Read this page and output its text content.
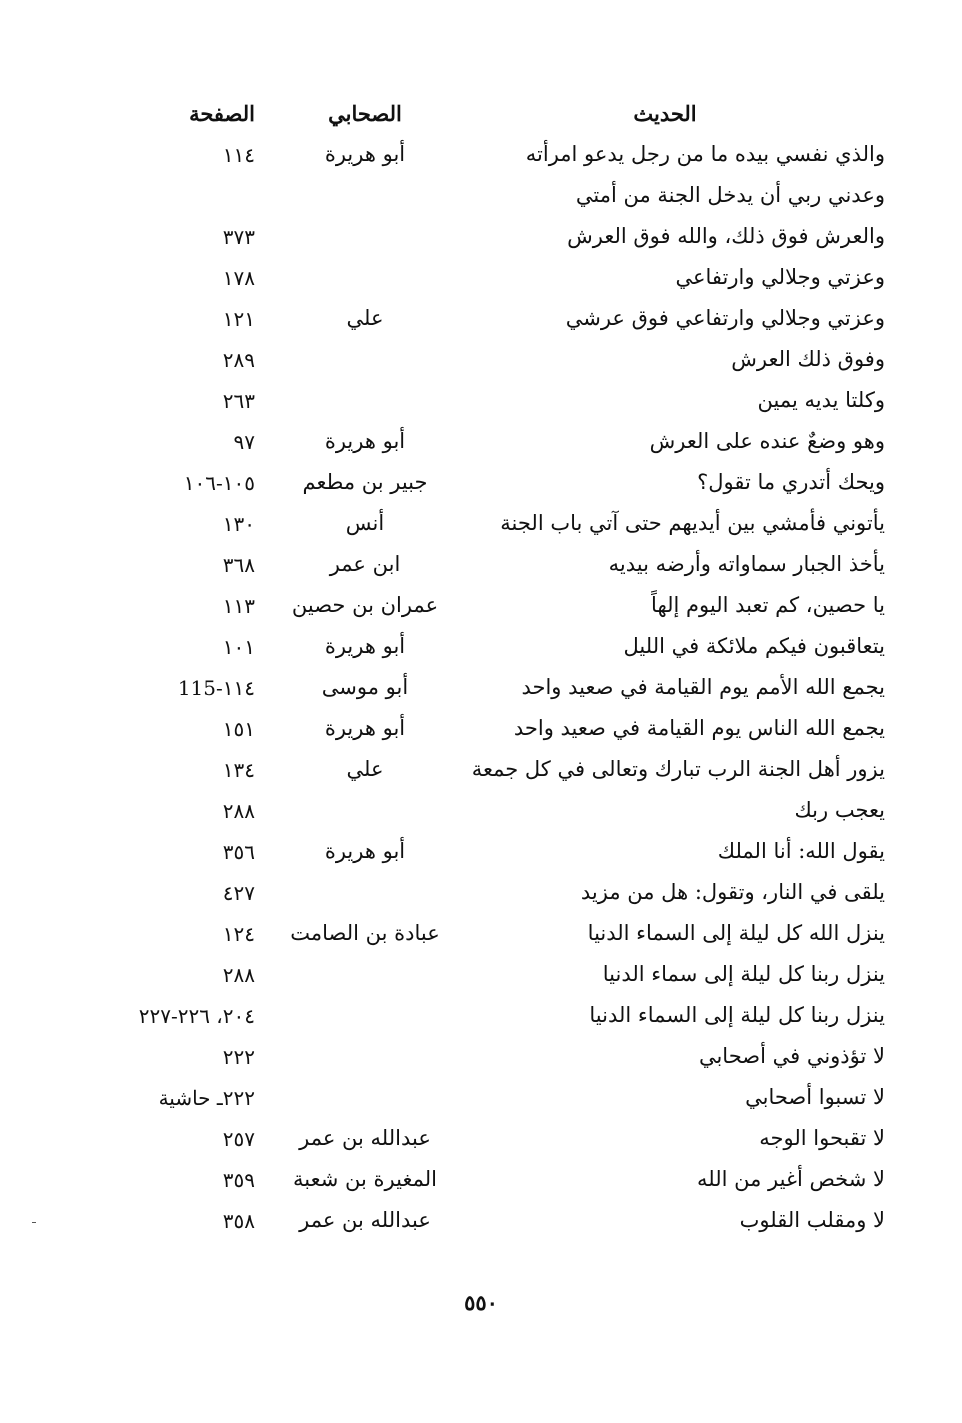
الحديث
الصحابي
الصفحة
والذي نفسي بيده ما من رجل يدعو امرأته
أبو هريرة
١١٤
وعدني ربي أن يدخل الجنة من أمتي
والعرش فوق ذلك، والله فوق العرش
٣٧٣
وعزتي وجلالي وارتفاعي
١٧٨
وعزتي وجلالي وارتفاعي فوق عرشي
علي
١٢١
وفوق ذلك العرش
٢٨٩
وكلتا يديه يمين
٢٦٣
وهو وضعٌ عنده على العرش
أبو هريرة
٩٧
ويحك أتدري ما تقول؟
جبير بن مطعم
١٠٥-١٠٦
يأتوني فأمشي بين أيديهم حتى آتي باب الجنة
أنس
١٣٠
يأخذ الجبار سماواته وأرضه بيديه
ابن عمر
٣٦٨
يا حصين، كم تعبد اليوم إلهاً
عمران بن حصين
١١٣
يتعاقبون فيكم ملائكة في الليل
أبو هريرة
١٠١
يجمع الله الأمم يوم القيامة في صعيد واحد
أبو موسى
١١٤-115
يجمع الله الناس يوم القيامة في صعيد واحد
أبو هريرة
١٥١
يزور أهل الجنة الرب تبارك وتعالى في كل جمعة
علي
١٣٤
يعجب ربك
٢٨٨
يقول الله: أنا الملك
أبو هريرة
٣٥٦
يلقى في النار، وتقول: هل من مزيد
٤٢٧
ينزل الله كل ليلة إلى السماء الدنيا
عبادة بن الصامت
١٢٤
ينزل ربنا كل ليلة إلى سماء الدنيا
٢٨٨
ينزل ربنا كل ليلة إلى السماء الدنيا
٢٠٤، ٢٢٦-٢٢٧
لا تؤذوني في أصحابي
٢٢٢
لا تسبوا أصحابي
٢٢٢ـ حاشية
لا تقبحوا الوجه
عبدالله بن عمر
٢٥٧
لا شخص أغير من الله
المغيرة بن شعبة
٣٥٩
لا ومقلب القلوب
عبدالله بن عمر
٣٥٨
٥٥٠
